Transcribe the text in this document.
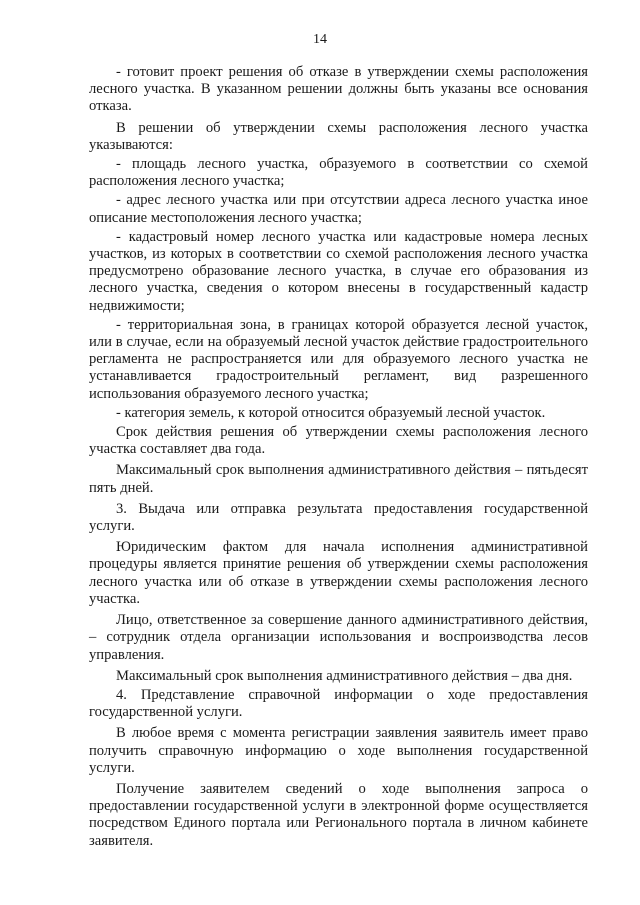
14

- готовит проект решения об отказе в утверждении схемы расположения лесного участка. В указанном решении должны быть указаны все основания отказа.

В решении об утверждении схемы расположения лесного участка указываются:

- площадь лесного участка, образуемого в соответствии со схемой расположения лесного участка;

- адрес лесного участка или при отсутствии адреса лесного участка иное описание местоположения лесного участка;

- кадастровый номер лесного участка или кадастровые номера лесных участков, из которых в соответствии со схемой расположения лесного участка предусмотрено образование лесного участка, в случае его образования из лесного участка, сведения о котором внесены в государственный кадастр недвижимости;

- территориальная зона, в границах которой образуется лесной участок, или в случае, если на образуемый лесной участок действие градостроительного регламента не распространяется или для образуемого лесного участка не устанавливается градостроительный регламент, вид разрешенного использования образуемого лесного участка;

- категория земель, к которой относится образуемый лесной участок.

Срок действия решения об утверждении схемы расположения лесного участка составляет два года.

Максимальный срок выполнения административного действия – пятьдесят пять дней.

3. Выдача или отправка результата предоставления государственной услуги.

Юридическим фактом для начала исполнения административной процедуры является принятие решения об утверждении схемы расположения лесного участка или об отказе в утверждении схемы расположения лесного участка.

Лицо, ответственное за совершение данного административного действия, – сотрудник отдела организации использования и воспроизводства лесов управления.

Максимальный срок выполнения административного действия – два дня.

4. Представление справочной информации о ходе предоставления государственной услуги.

В любое время с момента регистрации заявления заявитель имеет право получить справочную информацию о ходе выполнения государственной услуги.

Получение заявителем сведений о ходе выполнения запроса о предоставлении государственной услуги в электронной форме осуществляется посредством Единого портала или Регионального портала в личном кабинете заявителя.
